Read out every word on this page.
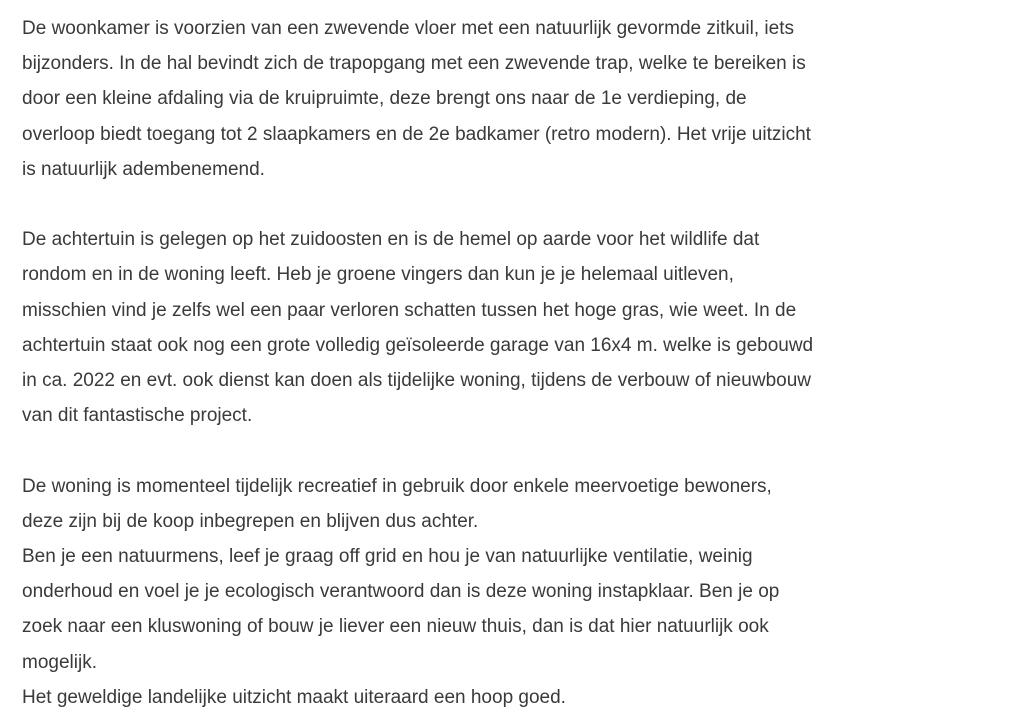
De woonkamer is voorzien van een zwevende vloer met een natuurlijk gevormde zitkuil, iets
bijzonders. In de hal bevindt zich de trapopgang met een zwevende trap, welke te bereiken is
door een kleine afdaling via de kruipruimte, deze brengt ons naar de 1e verdieping, de
overloop biedt toegang tot 2 slaapkamers en de 2e badkamer (retro modern). Het vrije uitzicht
is natuurlijk adembenemend.

De achtertuin is gelegen op het zuidoosten en is de hemel op aarde voor het wildlife dat
rondom en in de woning leeft. Heb je groene vingers dan kun je je helemaal uitleven,
misschien vind je zelfs wel een paar verloren schatten tussen het hoge gras, wie weet. In de
achtertuin staat ook nog een grote volledig geïsoleerde garage van 16x4 m. welke is gebouwd
in ca. 2022 en evt. ook dienst kan doen als tijdelijke woning, tijdens de verbouw of nieuwbouw
van dit fantastische project.

De woning is momenteel tijdelijk recreatief in gebruik door enkele meervoetige bewoners,
deze zijn bij de koop inbegrepen en blijven dus achter.

Ben je een natuurmens, leef je graag off grid en hou je van natuurlijke ventilatie, weinig
onderhoud en voel je je ecologisch verantwoord dan is deze woning instapklaar. Ben je op
zoek naar een kluswoning of bouw je liever een nieuw thuis, dan is dat hier natuurlijk ook
mogelijk.

Het geweldige landelijke uitzicht maakt uiteraard een hoop goed.
